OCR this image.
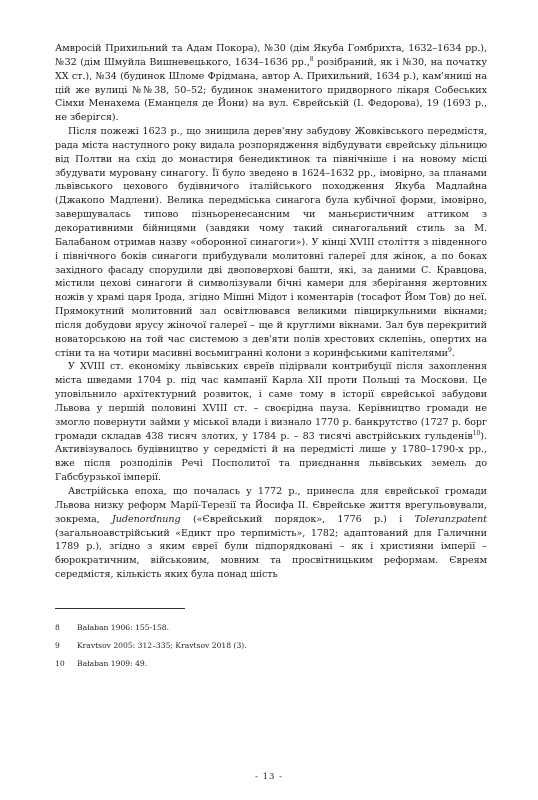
Амвросій Прихильний та Адам Покора), №30 (дім Якуба Гомбрихта, 1632–1634 рр.), №32 (дім Шмуйла Вишневецького, 1634–1636 рр.,$^8$ розібраний, як і №30, на початку ХХ ст.), №34 (будинок Шломе Фрідмана, автор А. Прихильний, 1634 р.), кам'яниці на цій же вулиці №№38, 50–52; будинок знаменитого придворного лікаря Собеських Сімхи Менахема (Еманцеля де Йони) на вул. Єврейській (І. Федорова), 19 (1693 р., не зберігся).

Після пожежі 1623 р., що знищила дерев'яну забудову Жовківського передмістя, рада міста наступного року видала розпорядження відбудувати єврейську дільницю від Полтви на схід до монастиря бенедиктинок та північніше і на новому місці збудувати муровану синагогу. Її було зведено в 1624–1632 рр., імовірно, за планами львівського цехового будівничого італійського походження Якуба Мадлайна (Джакопо Мадлени). Велика передміська синагога була кубічної форми, імовірно, завершувалась типово пізньоренесансним чи маньєристичним аттиком з декоративними бійницями (завдяки чому такий синагогальний стиль за М. Балабаном отримав назву «оборонної синагоги»). У кінці XVIII століття з південного і північного боків синагоги прибудували молитовні галереї для жінок, а по боках західного фасаду спорудили дві двоповерхові башти, які, за даними С. Кравцова, містили цехові синагоги й символізували бічні камери для зберігання жертовних ножів у храмі царя Ірода, згідно Мішні Мідот і коментарів (тосафот Йом Тов) до неї. Прямокутний молитовний зал освітлювався великими півциркульними вікнами; після добудови ярусу жіночої галереї – ще й круглими вікнами. Зал був перекритий новаторською на той час системою з дев'яти полів хрестових склепінь, опертих на стіни та на чотири масивні восьмигранні колони з коринфськими капітелями$^9$.

У XVIII ст. економіку львівських євреїв підірвали контрибуції після захоплення міста шведами 1704 р. під час кампанії Карла XII проти Польщі та Москови. Це уповільнило архітектурний розвиток, і саме тому в історії єврейської забудови Львова у першій половині XVIII ст. – своєрідна пауза. Керівництво громади не змогло повернути займи у міської влади і визнало 1770 р. банкрутство (1727 р. борг громади складав 438 тисяч злотих, у 1784 р. – 83 тисячі австрійських гульденів$^{10}$). Активізувалось будівництво у середмісті й на передмісті лише у 1780–1790-х рр., вже після розподілів Речі Посполитої та приєднання львівських земель до Габсбурзької імперії.

Австрійська епоха, що почалась у 1772 р., принесла для єврейської громади Львова низку реформ Марії-Терезії та Йосифа II. Єврейське життя врегульовували, зокрема, Judenordnung («Єврейський порядок», 1776 р.) і Toleranzpatent (загальноавстрійський «Едикт про терпимість», 1782; адаптований для Галичини 1789 р.), згідно з яким євреї були підпорядковані – як і християни імперії – бюрократичним, військовим, мовним та просвітницьким реформам. Євреям середмістя, кількість яких була понад шість

8	Bałaban 1906: 155-158.
9	Kravtsov 2005: 312–335; Kravtsov 2018 (3).
10	Bałaban 1909: 49.
- 13 -
